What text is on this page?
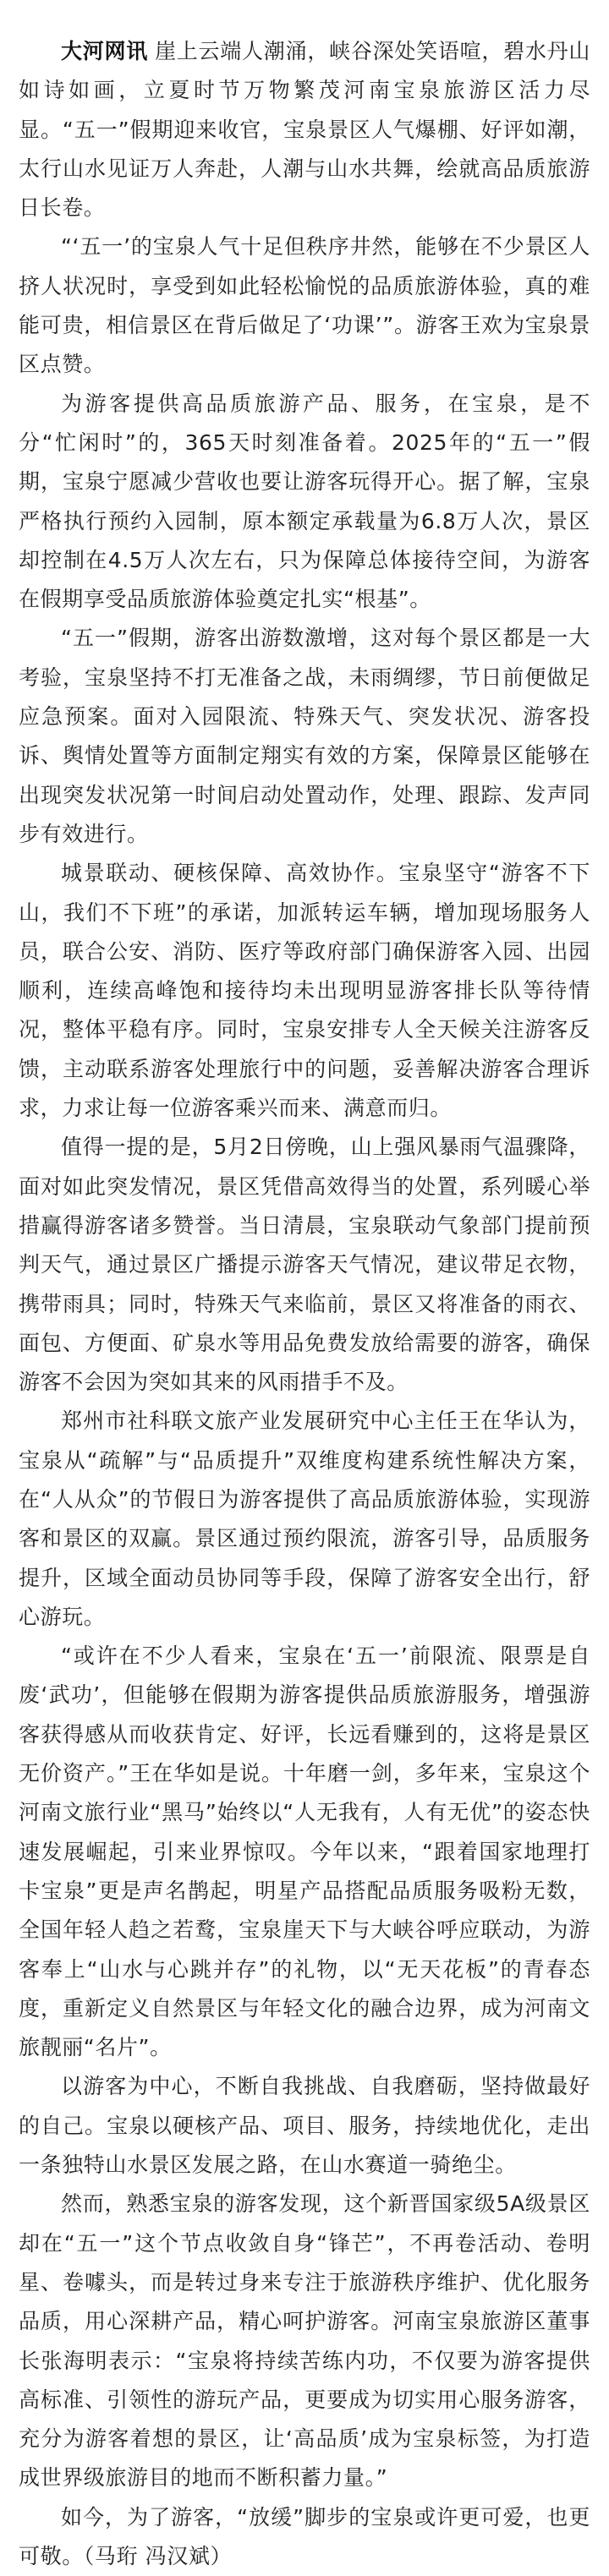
大河网讯 崖上云端人潮涌，峡谷深处笑语喧，碧水丹山如诗如画，立夏时节万物繁茂河南宝泉旅游区活力尽显。“五一”假期迎来收官，宝泉景区人气爆棚、好评如潮，太行山水见证万人奔赴，人潮与山水共舞，绘就高品质旅游日长卷。

“‘五一’的宝泉人气十足但秩序井然，能够在不少景区人挤人状况时，享受到如此轻松愉悦的品质旅游体验，真的难能可贵，相信景区在背后做足了‘功课’”。游客王欢为宝泉景区点赞。

为游客提供高品质旅游产品、服务，在宝泉，是不分“忙闲时”的，365天时刻准备着。2025年的“五一”假期，宝泉宁愿减少营收也要让游客玩得开心。据了解，宝泉严格执行预约入园制，原本额定承载量为6.8万人次，景区却控制在4.5万人次左右，只为保障总体接待空间，为游客在假期享受品质旅游体验奠定扎实“根基”。

“五一”假期，游客出游数激增，这对每个景区都是一大考验，宝泉坚持不打无准备之战，未雨绸缪，节日前便做足应急预案。面对入园限流、特殊天气、突发状况、游客投诉、舆情处置等方面制定翔实有效的方案，保障景区能够在出现突发状况第一时间启动处置动作，处理、跟踪、发声同步有效进行。

城景联动、硬核保障、高效协作。宝泉坚守“游客不下山，我们不下班”的承诺，加派转运车辆，增加现场服务人员，联合公安、消防、医疗等政府部门确保游客入园、出园顺利，连续高峰饱和接待均未出现明显游客排长队等待情况，整体平稳有序。同时，宝泉安排专人全天候关注游客反馈，主动联系游客处理旅行中的问题，妥善解决游客合理诉求，力求让每一位游客乘兴而来、满意而归。

值得一提的是，5月2日傍晚，山上强风暴雨气温骤降，面对如此突发情况，景区凭借高效得当的处置，系列暖心举措赢得游客诸多赞誉。当日清晨，宝泉联动气象部门提前预判天气，通过景区广播提示游客天气情况，建议带足衣物，携带雨具；同时，特殊天气来临前，景区又将准备的雨衣、面包、方便面、矿泉水等用品免费发放给需要的游客，确保游客不会因为突如其来的风雨措手不及。

郑州市社科联文旅产业发展研究中心主任王在华认为，宝泉从“疏解”与“品质提升”双维度构建系统性解决方案，在“人从众”的节假日为游客提供了高品质旅游体验，实现游客和景区的双赢。景区通过预约限流，游客引导，品质服务提升，区域全面动员协同等手段，保障了游客安全出行，舒心游玩。

“或许在不少人看来，宝泉在‘五一’前限流、限票是自废‘武功’，但能够在假期为游客提供品质旅游服务，增强游客获得感从而收获肯定、好评，长远看赚到的，这将是景区无价资产。”王在华如是说。十年磨一剑，多年来，宝泉这个河南文旅行业“黑马”始终以“人无我有，人有无优”的姿态快速发展崛起，引来业界惊叹。今年以来，“跟着国家地理打卡宝泉”更是声名鹊起，明星产品搭配品质服务吸粉无数，全国年轻人趋之若鹜，宝泉崖天下与大峡谷呼应联动，为游客奉上“山水与心跳并存”的礼物，以“无天花板”的青春态度，重新定义自然景区与年轻文化的融合边界，成为河南文旅靓丽“名片”。

以游客为中心，不断自我挑战、自我磨砺，坚持做最好的自己。宝泉以硬核产品、项目、服务，持续地优化，走出一条独特山水景区发展之路，在山水赛道一骑绝尘。

然而，熟悉宝泉的游客发现，这个新晋国家级5A级景区却在“五一”这个节点收敛自身“锋芒”，不再卷活动、卷明星、卷噱头，而是转过身来专注于旅游秩序维护、优化服务品质，用心深耕产品，精心呵护游客。河南宝泉旅游区董事长张海明表示：“宝泉将持续苦练内功，不仅要为游客提供高标准、引领性的游玩产品，更要成为切实用心服务游客，充分为游客着想的景区，让‘高品质’成为宝泉标签，为打造成世界级旅游目的地而不断积蓄力量。”

如今，为了游客，“放缓”脚步的宝泉或许更可爱，也更可敬。（马珩 冯汉斌）
